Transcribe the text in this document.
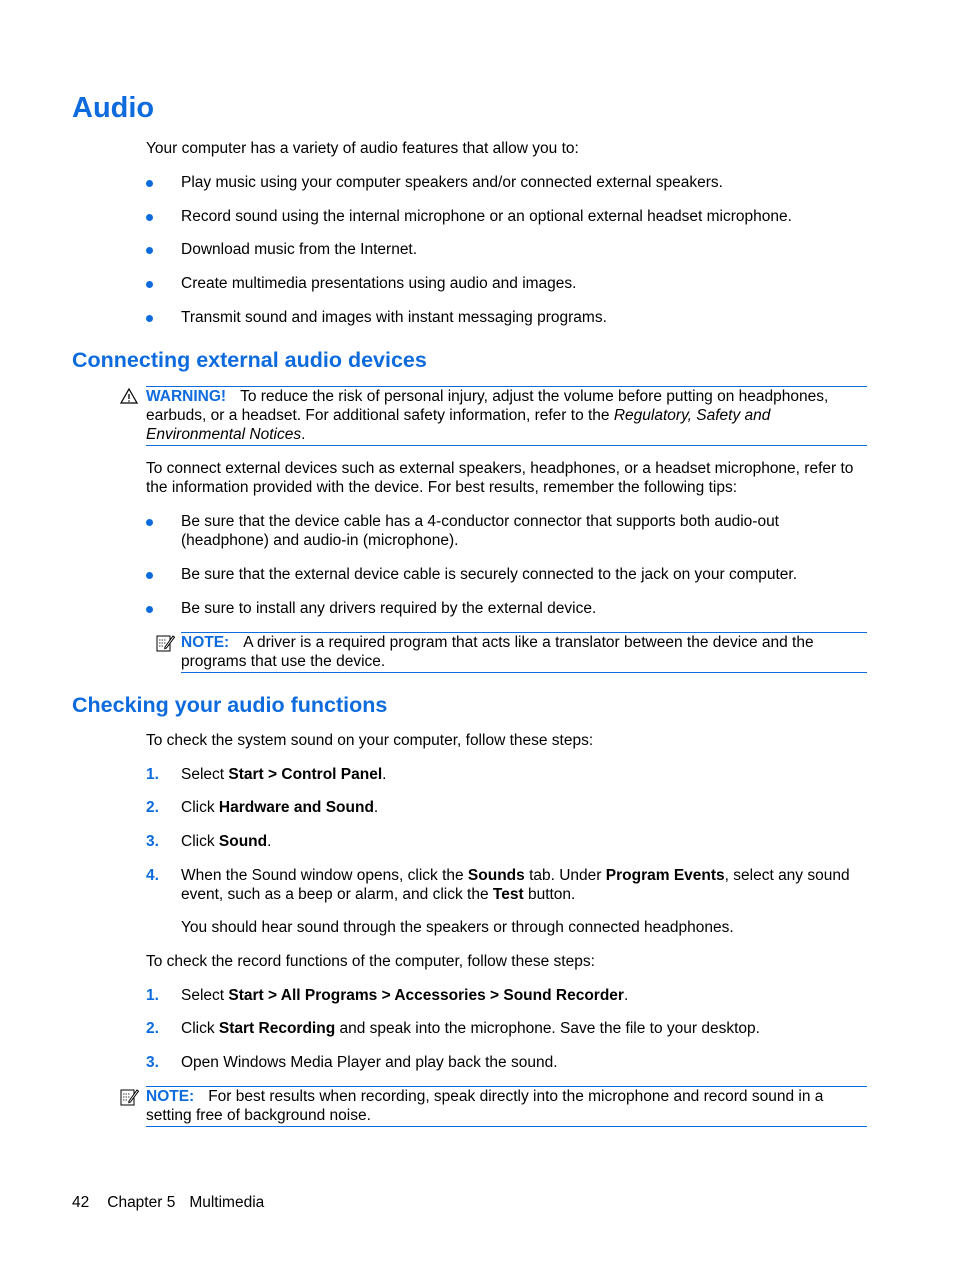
Audio

Your computer has a variety of audio features that allow you to:

Play music using your computer speakers and/or connected external speakers.
Record sound using the internal microphone or an optional external headset microphone.
Download music from the Internet.
Create multimedia presentations using audio and images.
Transmit sound and images with instant messaging programs.
Connecting external audio devices
WARNING! To reduce the risk of personal injury, adjust the volume before putting on headphones, earbuds, or a headset. For additional safety information, refer to the Regulatory, Safety and Environmental Notices.

To connect external devices such as external speakers, headphones, or a headset microphone, refer to the information provided with the device. For best results, remember the following tips:

Be sure that the device cable has a 4-conductor connector that supports both audio-out (headphone) and audio-in (microphone).
Be sure that the external device cable is securely connected to the jack on your computer.
Be sure to install any drivers required by the external device.
NOTE: A driver is a required program that acts like a translator between the device and the programs that use the device.
Checking your audio functions

To check the system sound on your computer, follow these steps:

1. Select Start > Control Panel.
2. Click Hardware and Sound.
3. Click Sound.
4. When the Sound window opens, click the Sounds tab. Under Program Events, select any sound event, such as a beep or alarm, and click the Test button.

You should hear sound through the speakers or through connected headphones.

To check the record functions of the computer, follow these steps:

1. Select Start > All Programs > Accessories > Sound Recorder.
2. Click Start Recording and speak into the microphone. Save the file to your desktop.
3. Open Windows Media Player and play back the sound.
NOTE: For best results when recording, speak directly into the microphone and record sound in a setting free of background noise.
42 Chapter 5 Multimedia
